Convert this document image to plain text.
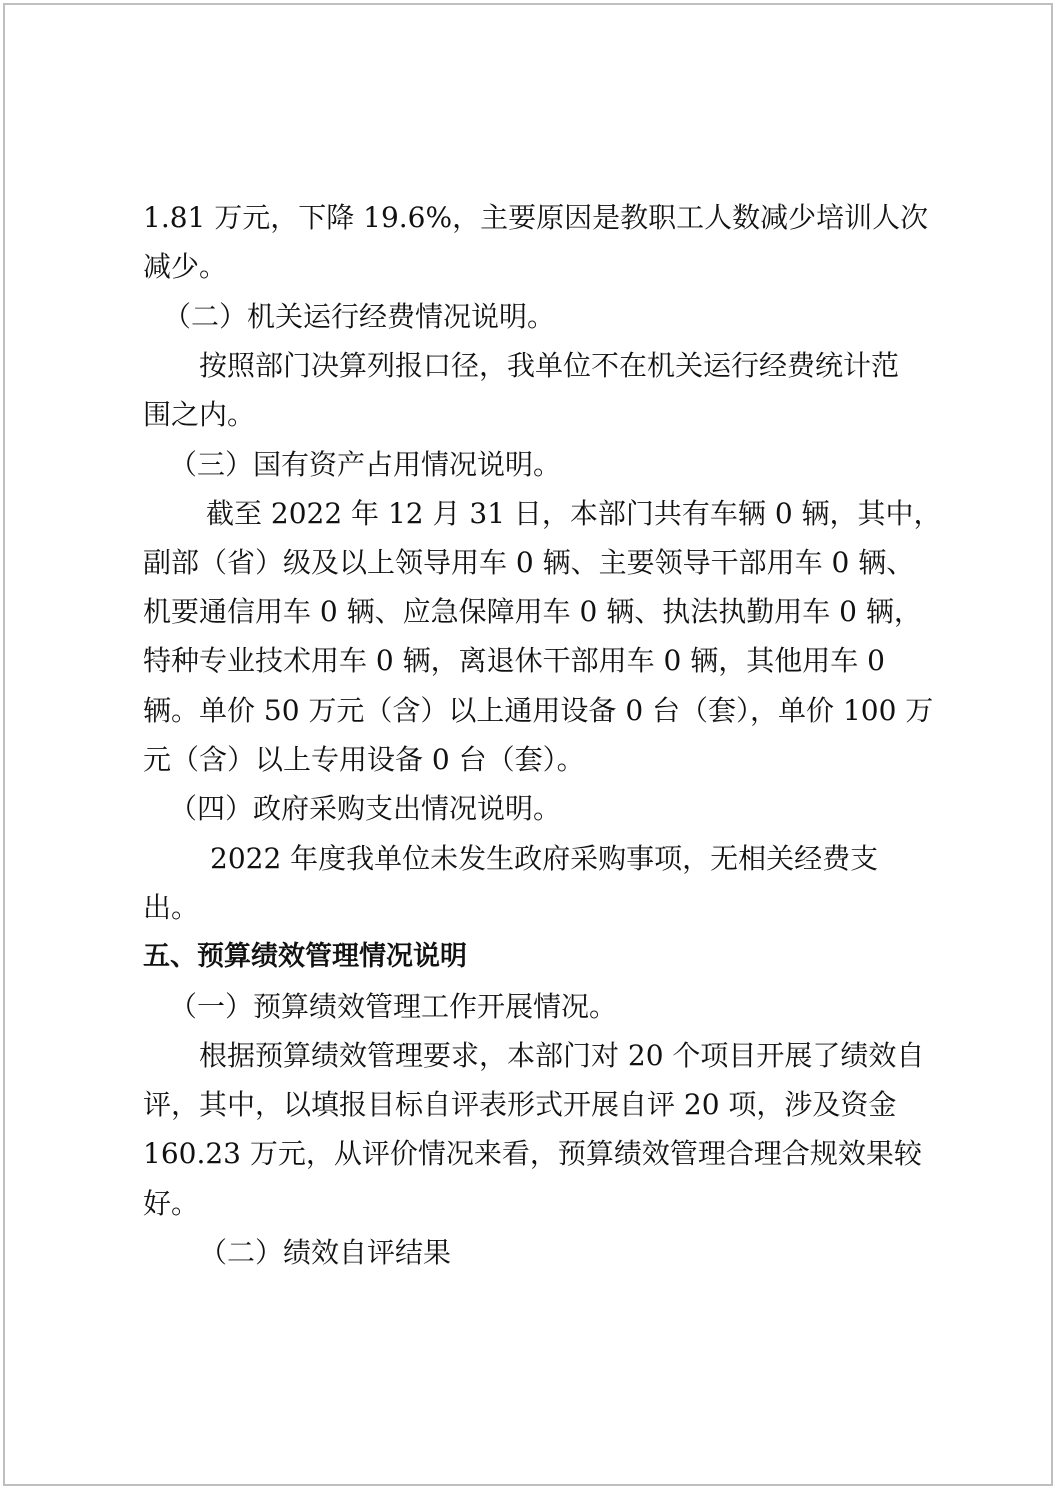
1.81 万元，下降 19.6%，主要原因是教职工人数减少培训人次
减少。
（二）机关运行经费情况说明。
按照部门决算列报口径，我单位不在机关运行经费统计范
围之内。
（三）国有资产占用情况说明。
截至 2022 年 12 月 31 日，本部门共有车辆 0 辆，其中，
副部（省）级及以上领导用车 0 辆、主要领导干部用车 0 辆、
机要通信用车 0 辆、应急保障用车 0 辆、执法执勤用车 0 辆，
特种专业技术用车 0 辆，离退休干部用车 0 辆，其他用车 0
辆。单价 50 万元（含）以上通用设备 0 台（套），单价 100 万
元（含）以上专用设备 0 台（套）。
（四）政府采购支出情况说明。
2022 年度我单位未发生政府采购事项，无相关经费支
出。
五、预算绩效管理情况说明
（一）预算绩效管理工作开展情况。
根据预算绩效管理要求，本部门对 20 个项目开展了绩效自
评，其中，以填报目标自评表形式开展自评 20 项，涉及资金
160.23 万元，从评价情况来看，预算绩效管理合理合规效果较
好。
（二）绩效自评结果
